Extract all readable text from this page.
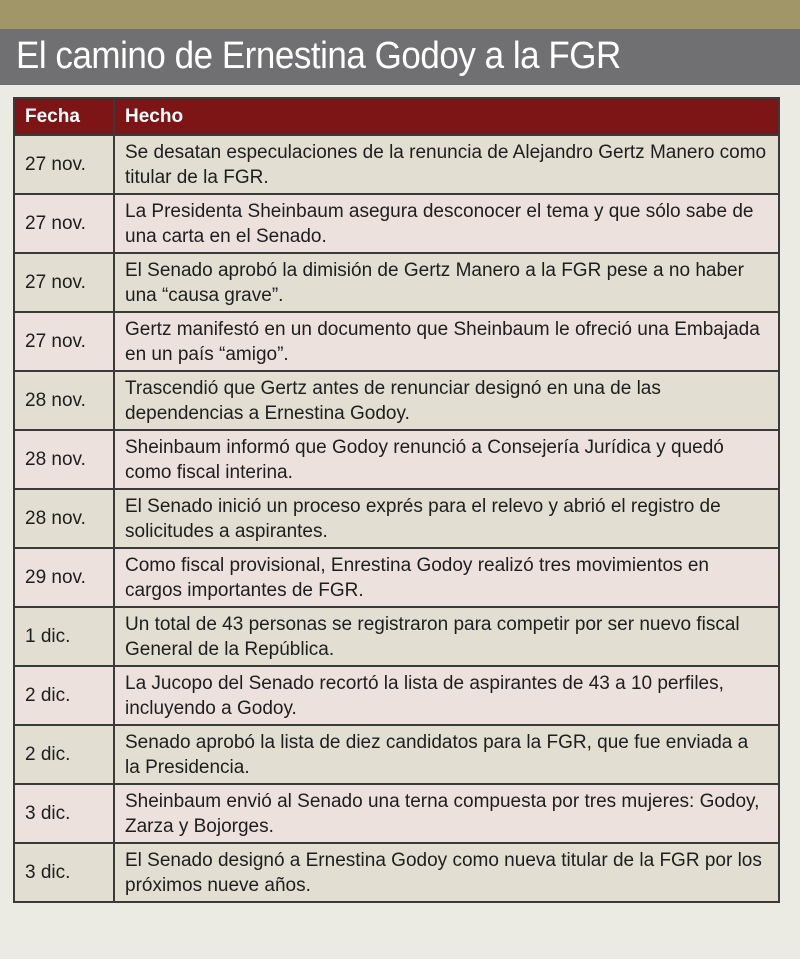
El camino de Ernestina Godoy a la FGR
Fecha	Hecho
27 nov.	Se desatan especulaciones de la renuncia de Alejandro Gertz Manero como titular de la FGR.
27 nov.	La Presidenta Sheinbaum asegura desconocer el tema y que sólo sabe de una carta en el Senado.
27 nov.	El Senado aprobó la dimisión de Gertz Manero a la FGR pese a no haber una “causa grave”.
27 nov.	Gertz manifestó en un documento que Sheinbaum le ofreció una Embajada en un país “amigo”.
28 nov.	Trascendió que Gertz antes de renunciar designó en una de las dependencias a Ernestina Godoy.
28 nov.	Sheinbaum informó que Godoy renunció a Consejería Jurídica y quedó como fiscal interina.
28 nov.	El Senado inició un proceso exprés para el relevo y abrió el registro de solicitudes a aspirantes.
29 nov.	Como fiscal provisional, Enrestina Godoy realizó tres movimientos en cargos importantes de FGR.
1 dic.	Un total de 43 personas se registraron para competir por ser nuevo fiscal General de la República.
2 dic.	La Jucopo del Senado recortó la lista de aspirantes de 43 a 10 perfiles, incluyendo a Godoy.
2 dic.	Senado aprobó la lista de diez candidatos para la FGR, que fue enviada a la Presidencia.
3 dic.	Sheinbaum envió al Senado una terna compuesta por tres mujeres: Godoy, Zarza y Bojorges.
3 dic.	El Senado designó a Ernestina Godoy como nueva titular de la FGR por los próximos nueve años.
